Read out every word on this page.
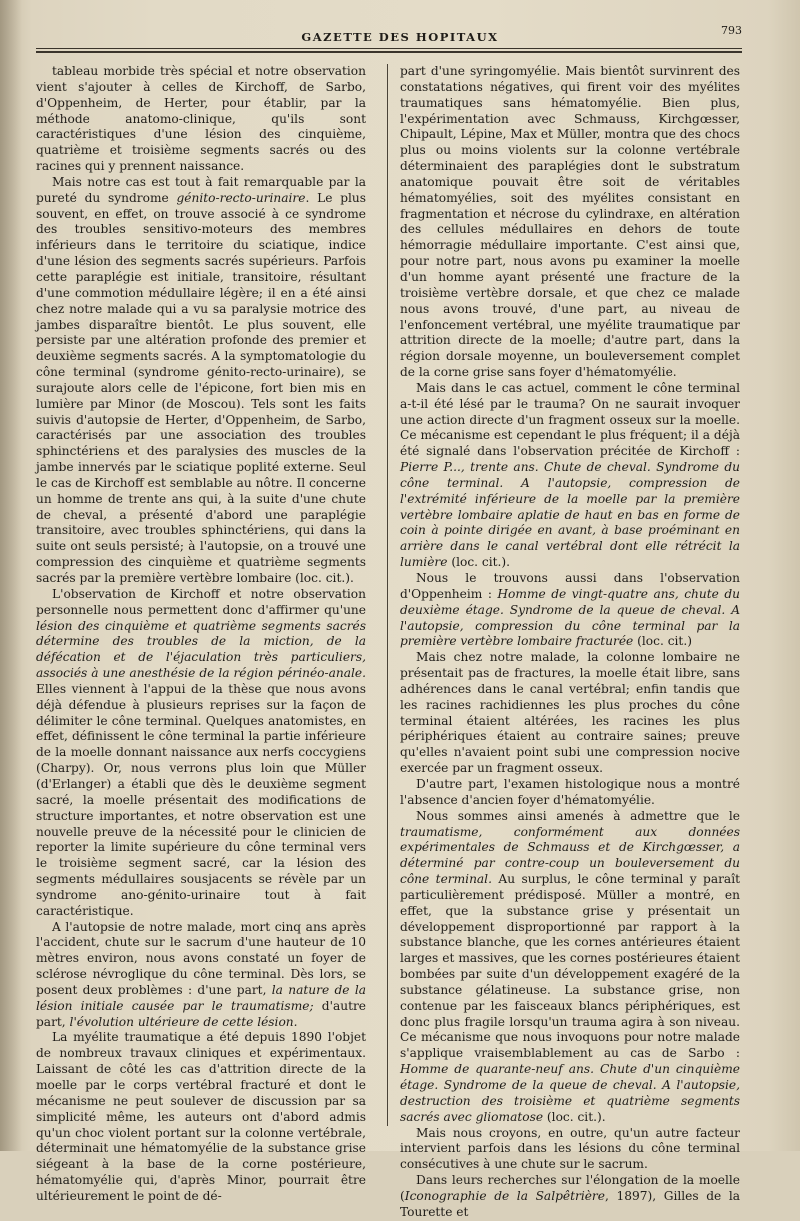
GAZETTE DES HOPITAUX	793

tableau morbide très spécial et notre observation vient s'ajouter à celles de Kirchoff, de Sarbo, d'Oppenheim, de Herter, pour établir, par la méthode anatomo-clinique, qu'ils sont caractéristiques d'une lésion des cinquième, quatrième et troisième segments sacrés ou des racines qui y prennent naissance.

Mais notre cas est tout à fait remarquable par la pureté du syndrome génito-recto-urinaire. Le plus souvent, en effet, on trouve associé à ce syndrome des troubles sensitivo-moteurs des membres inférieurs dans le territoire du sciatique, indice d'une lésion des segments sacrés supérieurs. Parfois cette paraplégie est initiale, transitoire, résultant d'une commotion médullaire légère; il en a été ainsi chez notre malade qui a vu sa paralysie motrice des jambes disparaître bientôt. Le plus souvent, elle persiste par une altération profonde des premier et deuxième segments sacrés. A la symptomatologie du cône terminal (syndrome génito-recto-urinaire), se surajoute alors celle de l'épicone, fort bien mis en lumière par Minor (de Moscou). Tels sont les faits suivis d'autopsie de Herter, d'Oppenheim, de Sarbo, caractérisés par une association des troubles sphinctériens et des paralysies des muscles de la jambe innervés par le sciatique poplité externe. Seul le cas de Kirchoff est semblable au nôtre. Il concerne un homme de trente ans qui, à la suite d'une chute de cheval, a présenté d'abord une paraplégie transitoire, avec troubles sphinctériens, qui dans la suite ont seuls persisté; à l'autopsie, on a trouvé une compression des cinquième et quatrième segments sacrés par la première vertèbre lombaire (loc. cit.).

L'observation de Kirchoff et notre observation personnelle nous permettent donc d'affirmer qu'une lésion des cinquième et quatrième segments sacrés détermine des troubles de la miction, de la défécation et de l'éjaculation très particuliers, associés à une anesthésie de la région périnéo-anale. Elles viennent à l'appui de la thèse que nous avons déjà défendue à plusieurs reprises sur la façon de délimiter le cône terminal. Quelques anatomistes, en effet, définissent le cône terminal la partie inférieure de la moelle donnant naissance aux nerfs coccygiens (Charpy). Or, nous verrons plus loin que Müller (d'Erlanger) a établi que dès le deuxième segment sacré, la moelle présentait des modifications de structure importantes, et notre observation est une nouvelle preuve de la nécessité pour le clinicien de reporter la limite supérieure du cône terminal vers le troisième segment sacré, car la lésion des segments médullaires sousjacents se révèle par un syndrome ano-génito-urinaire tout à fait caractéristique.

A l'autopsie de notre malade, mort cinq ans après l'accident, chute sur le sacrum d'une hauteur de 10 mètres environ, nous avons constaté un foyer de sclérose névroglique du cône terminal. Dès lors, se posent deux problèmes : d'une part, la nature de la lésion initiale causée par le traumatisme; d'autre part, l'évolution ultérieure de cette lésion.

La myélite traumatique a été depuis 1890 l'objet de nombreux travaux cliniques et expérimentaux. Laissant de côté les cas d'attrition directe de la moelle par le corps vertébral fracturé et dont le mécanisme ne peut soulever de discussion par sa simplicité même, les auteurs ont d'abord admis qu'un choc violent portant sur la colonne vertébrale, déterminait une hématomyélie de la substance grise siégeant à la base de la corne postérieure, hématomyélie qui, d'après Minor, pourrait être ultérieurement le point de dé-

part d'une syringomyélie. Mais bientôt survinrent des constatations négatives, qui firent voir des myélites traumatiques sans hématomyélie. Bien plus, l'expérimentation avec Schmauss, Kirchgœsser, Chipault, Lépine, Max et Müller, montra que des chocs plus ou moins violents sur la colonne vertébrale déterminaient des paraplégies dont le substratum anatomique pouvait être soit de véritables hématomyélies, soit des myélites consistant en fragmentation et nécrose du cylindraxe, en altération des cellules médullaires en dehors de toute hémorragie médullaire importante. C'est ainsi que, pour notre part, nous avons pu examiner la moelle d'un homme ayant présenté une fracture de la troisième vertèbre dorsale, et que chez ce malade nous avons trouvé, d'une part, au niveau de l'enfoncement vertébral, une myélite traumatique par attrition directe de la moelle; d'autre part, dans la région dorsale moyenne, un bouleversement complet de la corne grise sans foyer d'hématomyélie.

Mais dans le cas actuel, comment le cône terminal a-t-il été lésé par le trauma? On ne saurait invoquer une action directe d'un fragment osseux sur la moelle. Ce mécanisme est cependant le plus fréquent; il a déjà été signalé dans l'observation précitée de Kirchoff : Pierre P..., trente ans. Chute de cheval. Syndrome du cône terminal. A l'autopsie, compression de l'extrémité inférieure de la moelle par la première vertèbre lombaire aplatie de haut en bas en forme de coin à pointe dirigée en avant, à base proéminant en arrière dans le canal vertébral dont elle rétrécit la lumière (loc. cit.).

Nous le trouvons aussi dans l'observation d'Oppenheim : Homme de vingt-quatre ans, chute du deuxième étage. Syndrome de la queue de cheval. A l'autopsie, compression du cône terminal par la première vertèbre lombaire fracturée (loc. cit.)

Mais chez notre malade, la colonne lombaire ne présentait pas de fractures, la moelle était libre, sans adhérences dans le canal vertébral; enfin tandis que les racines rachidiennes les plus proches du cône terminal étaient altérées, les racines les plus périphériques étaient au contraire saines; preuve qu'elles n'avaient point subi une compression nocive exercée par un fragment osseux.

D'autre part, l'examen histologique nous a montré l'absence d'ancien foyer d'hématomyélie.

Nous sommes ainsi amenés à admettre que le traumatisme, conformément aux données expérimentales de Schmauss et de Kirchgœsser, a déterminé par contre-coup un bouleversement du cône terminal. Au surplus, le cône terminal y paraît particulièrement prédisposé. Müller a montré, en effet, que la substance grise y présentait un développement disproportionné par rapport à la substance blanche, que les cornes antérieures étaient larges et massives, que les cornes postérieures étaient bombées par suite d'un développement exagéré de la substance gélatineuse. La substance grise, non contenue par les faisceaux blancs périphériques, est donc plus fragile lorsqu'un trauma agira à son niveau. Ce mécanisme que nous invoquons pour notre malade s'applique vraisemblablement au cas de Sarbo : Homme de quarante-neuf ans. Chute d'un cinquième étage. Syndrome de la queue de cheval. A l'autopsie, destruction des troisième et quatrième segments sacrés avec gliomatose (loc. cit.).

Mais nous croyons, en outre, qu'un autre facteur intervient parfois dans les lésions du cône terminal consécutives à une chute sur le sacrum.

Dans leurs recherches sur l'élongation de la moelle (Iconographie de la Salpêtrière, 1897), Gilles de la Tourette et
